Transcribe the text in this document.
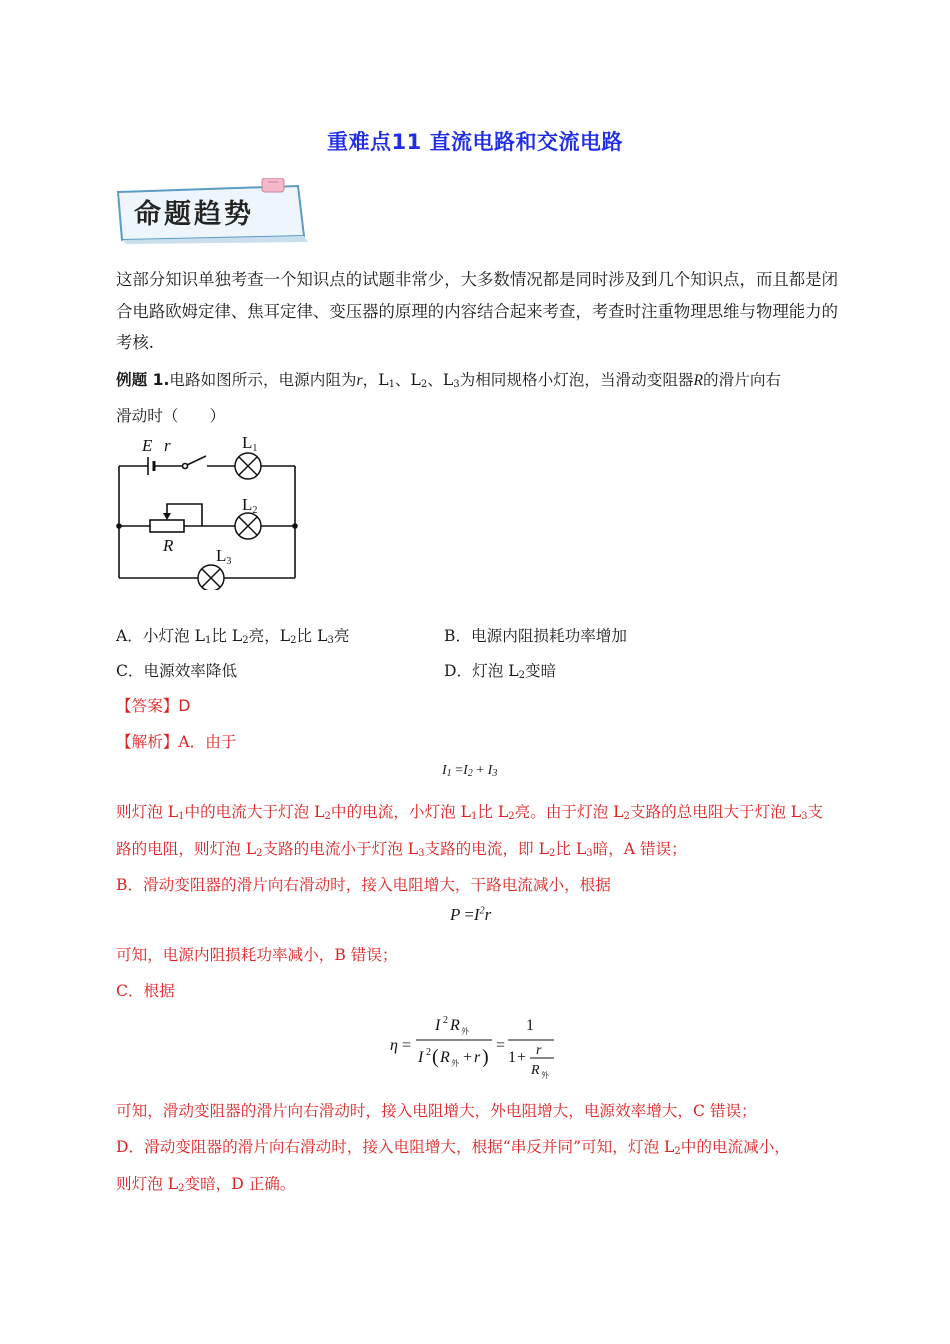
重难点11 直流电路和交流电路
命题趋势
这部分知识单独考查一个知识点的试题非常少，大多数情况都是同时涉及到几个知识点，而且都是闭合电路欧姆定律、焦耳定律、变压器的原理的内容结合起来考查，考查时注重物理思维与物理能力的考核.
例题 1.电路如图所示，电源内阻为r，$L_1$、$L_2$、$L_3$为相同规格小灯泡，当滑动变阻器R的滑片向右
滑动时（　　）
E r	L1
L2
L3
R
A．小灯泡 $L_1$比 $L_2$亮，$L_2$比 $L_3$亮	B．电源内阻损耗功率增加
C．电源效率降低	D．灯泡 $L_2$变暗
【答案】D
【解析】A．由于
$I_1 =I_2 + I_3$
则灯泡 $L_1$中的电流大于灯泡 $L_2$中的电流，小灯泡 $L_1$比 $L_2$亮。由于灯泡 $L_2$支路的总电阻大于灯泡 $L_3$支
路的电阻，则灯泡 $L_2$支路的电流小于灯泡 $L_3$支路的电流，即 $L_2$比 $L_3$暗，A 错误；
B．滑动变阻器的滑片向右滑动时，接入电阻增大，干路电流减小，根据
$P =I^2r$
可知，电源内阻损耗功率减小，B 错误；
C．根据
η =
I 2 R 外
I 2 ( R 外 + r )
=
1
1 + r
R 外
可知，滑动变阻器的滑片向右滑动时，接入电阻增大，外电阻增大，电源效率增大，C 错误；
D．滑动变阻器的滑片向右滑动时，接入电阻增大，根据“串反并同”可知，灯泡 $L_2$中的电流减小，
则灯泡 $L_2$变暗，D 正确。
